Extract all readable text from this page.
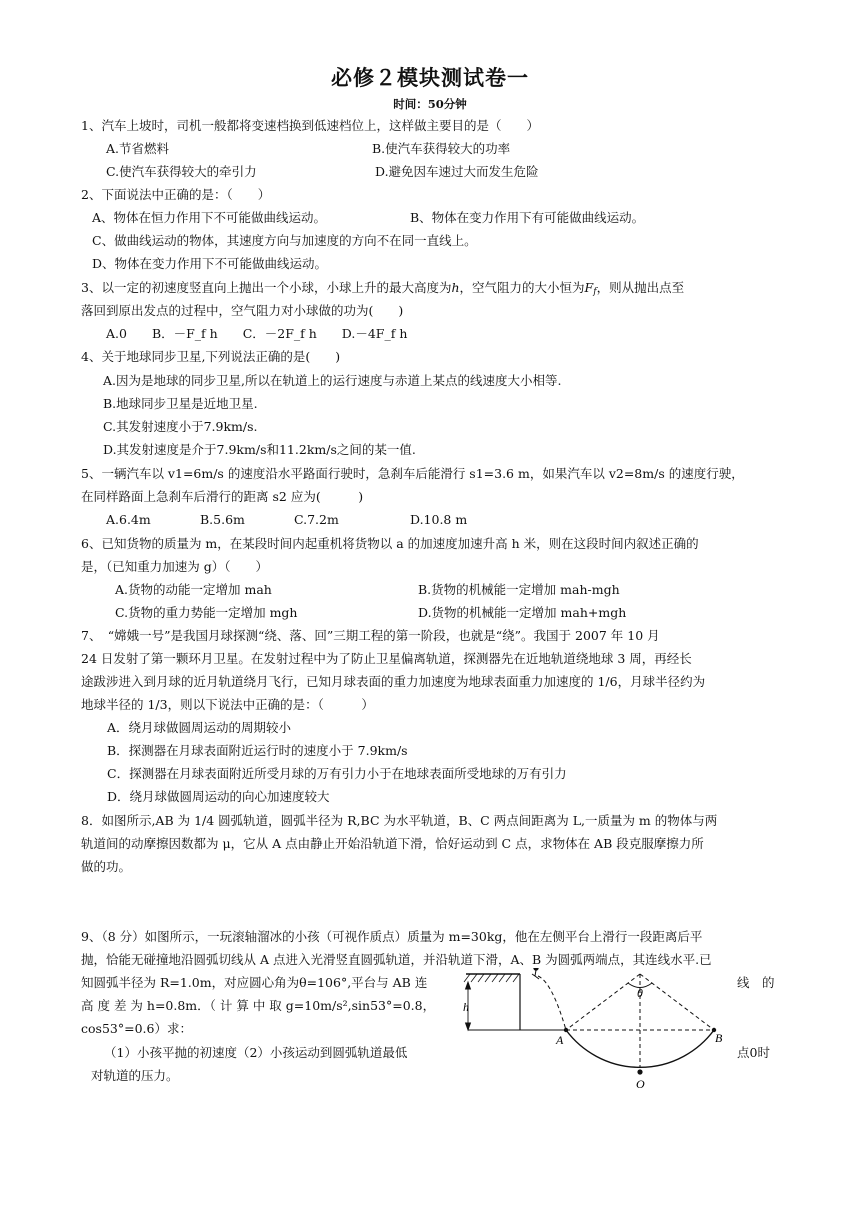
必修２模块测试卷一
时间：50分钟
1、汽车上坡时，司机一般都将变速档换到低速档位上，这样做主要目的是（　　）
A.节省燃料	B.使汽车获得较大的功率
C.使汽车获得较大的牵引力	D.避免因车速过大而发生危险
2、下面说法中正确的是：（　　）
A、物体在恒力作用下不可能做曲线运动。	B、物体在变力作用下有可能做曲线运动。
C、做曲线运动的物体，其速度方向与加速度的方向不在同一直线上。
D、物体在变力作用下不可能做曲线运动。
3、以一定的初速度竖直向上抛出一个小球，小球上升的最大高度为h，空气阻力的大小恒为$F_f$，则从抛出点至
落回到原出发点的过程中，空气阻力对小球做的功为(　　)
A.0　　B．－F_f h　　C．－2F_f h　　D.－4F_f h
4、关于地球同步卫星,下列说法正确的是(　　)
A.因为是地球的同步卫星,所以在轨道上的运行速度与赤道上某点的线速度大小相等.
B.地球同步卫星是近地卫星.
C.其发射速度小于7.9km/s.
D.其发射速度是介于7.9km/s和11.2km/s之间的某一值.
5、一辆汽车以 v1=6m/s 的速度沿水平路面行驶时，急刹车后能滑行 s1=3.6 m，如果汽车以 v2=8m/s 的速度行驶，
在同样路面上急刹车后滑行的距离 s2 应为(　　　)
A.6.4m	B.5.6m	C.7.2m	D.10.8 m
6、已知货物的质量为 m，在某段时间内起重机将货物以 a 的加速度加速升高 h 米，则在这段时间内叙述正确的
是，（已知重力加速为 g）（　　）
A.货物的动能一定增加 mah	B.货物的机械能一定增加 mah-mgh
C.货物的重力势能一定增加 mgh	D.货物的机械能一定增加 mah+mgh
7、　“嫦娥一号”是我国月球探测“绕、落、回”三期工程的第一阶段，也就是“绕”。我国于 2007 年 10 月
24 日发射了第一颗环月卫星。在发射过程中为了防止卫星偏离轨道，探测器先在近地轨道绕地球 3 周，再经长
途跋涉进入到月球的近月轨道绕月飞行，已知月球表面的重力加速度为地球表面重力加速度的 1/6，月球半径约为
地球半径的 1/3，则以下说法中正确的是：（　　　）
A．绕月球做圆周运动的周期较小
B．探测器在月球表面附近运行时的速度小于 7.9km/s
C．探测器在月球表面附近所受月球的万有引力小于在地球表面所受地球的万有引力
D．绕月球做圆周运动的向心加速度较大
8．如图所示,AB 为 1/4 圆弧轨道，圆弧半径为 R,BC 为水平轨道，B、C 两点间距离为 L,一质量为 m 的物体与两
轨道间的动摩擦因数都为 μ，它从 A 点由静止开始沿轨道下滑，恰好运动到 C 点，求物体在 AB 段克服摩擦力所
做的功。
9、（8 分）如图所示，一玩滚轴溜冰的小孩（可视作质点）质量为 m=30kg，他在左侧平台上滑行一段距离后平
抛，恰能无碰撞地沿圆弧切线从 A 点进入光滑竖直圆弧轨道，并沿轨道下滑，A、B 为圆弧两端点，其连线水平.已
知圆弧半径为 R=1.0m，对应圆心角为θ=106°,平台与 AB 连	线　的
高 度 差 为 h=0.8m．（ 计 算 中 取 g=10m/s²,sin53°=0.8，
cos53°=0.6）求：
（1）小孩平抛的初速度（2）小孩运动到圆弧轨道最低	点0时
对轨道的压力。
h
θ
A	B
O
